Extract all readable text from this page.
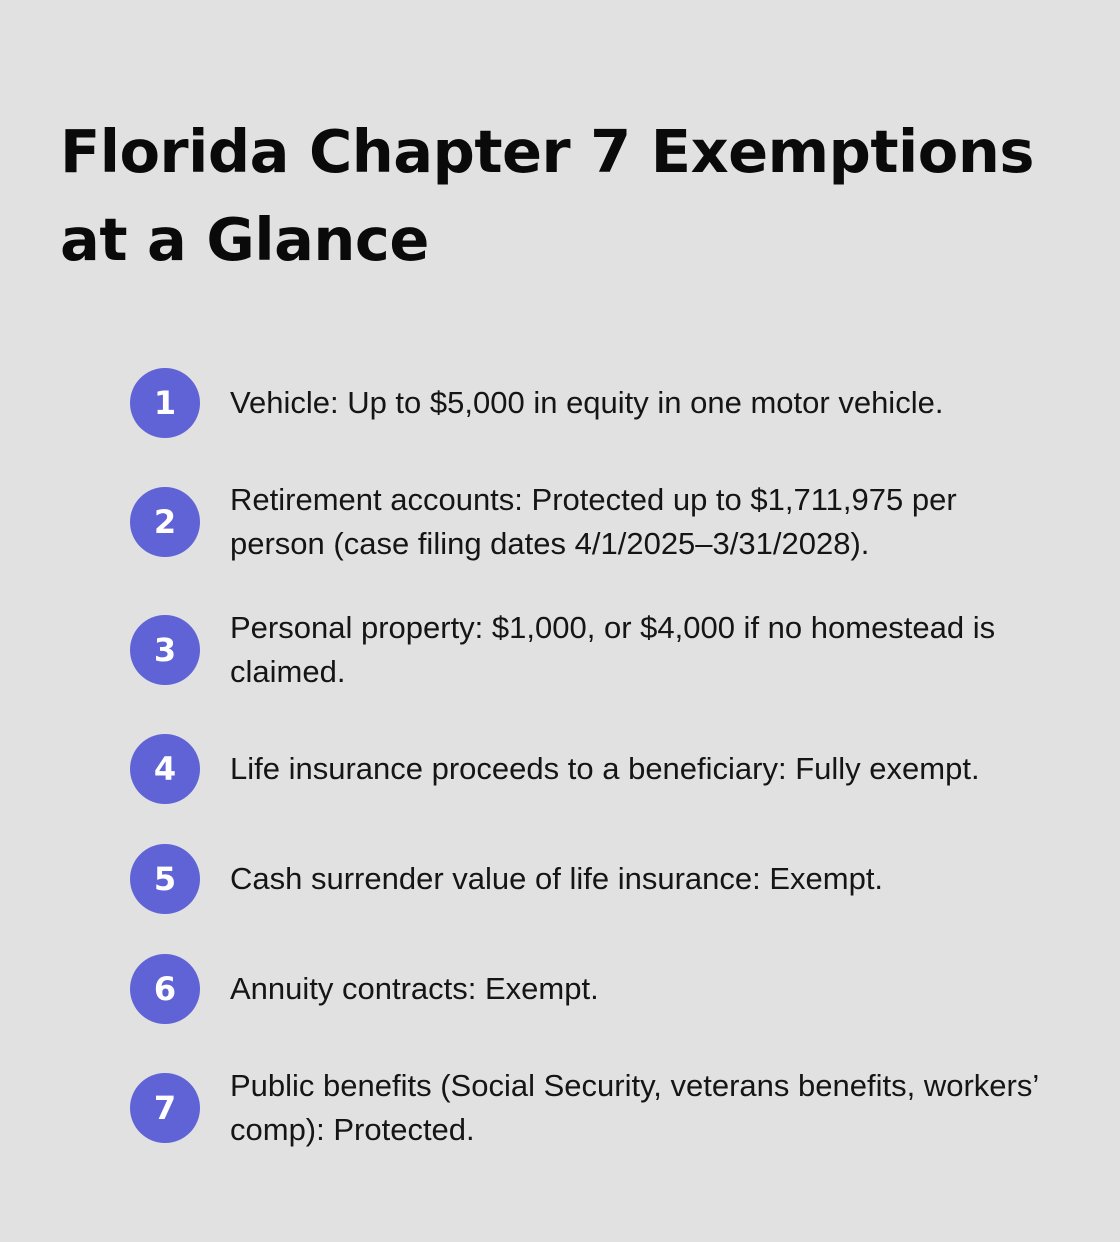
Florida Chapter 7 Exemptions at a Glance
1	Vehicle: Up to $5,000 in equity in one motor vehicle.
2
Retirement accounts: Protected up to $1,711,975 per person (case filing dates 4/1/2025–3/31/2028).
3
Personal property: $1,000, or $4,000 if no homestead is claimed.
4	Life insurance proceeds to a beneficiary: Fully exempt.
5	Cash surrender value of life insurance: Exempt.
6	Annuity contracts: Exempt.
7
Public benefits (Social Security, veterans benefits, workers’ comp): Protected.
